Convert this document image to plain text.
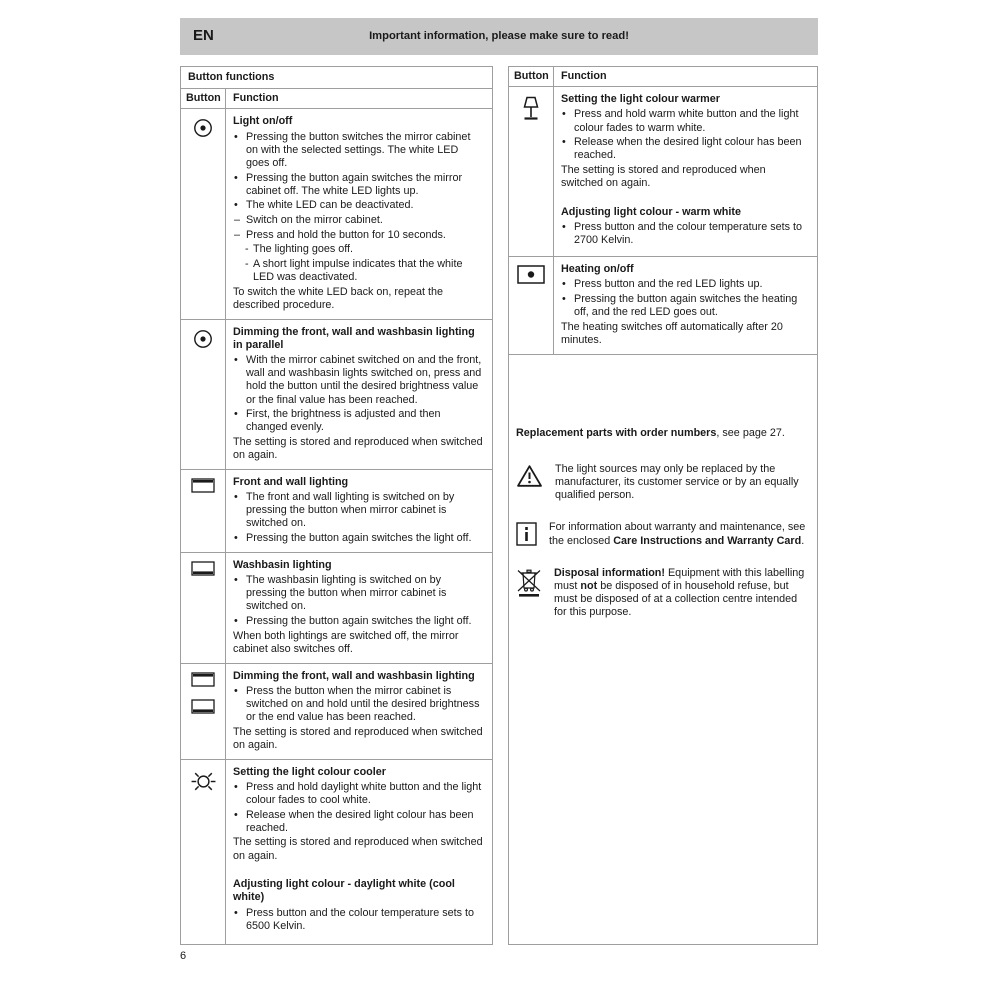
EN	Important information, please make sure to read!
Button functions
Button	Function
Light on/off
• Pressing the button switches the mirror cabinet on with the selected settings. The white LED goes off.
• Pressing the button again switches the mirror cabinet off. The white LED lights up.
• The white LED can be deactivated.
– Switch on the mirror cabinet.
– Press and hold the button for 10 seconds.
- The lighting goes off.
- A short light impulse indicates that the white LED was deactivated.
To switch the white LED back on, repeat the described procedure.
Dimming the front, wall and washbasin lighting in parallel
• With the mirror cabinet switched on and the front, wall and washbasin lights switched on, press and hold the button until the desired brightness value or the final value has been reached.
• First, the brightness is adjusted and then changed evenly.
The setting is stored and reproduced when switched on again.
Front and wall lighting
• The front and wall lighting is switched on by pressing the button when mirror cabinet is switched on.
• Pressing the button again switches the light off.
Washbasin lighting
• The washbasin lighting is switched on by pressing the button when mirror cabinet is switched on.
• Pressing the button again switches the light off.
When both lightings are switched off, the mirror cabinet also switches off.
Dimming the front, wall and washbasin lighting
• Press the button when the mirror cabinet is switched on and hold until the desired brightness or the end value has been reached.
The setting is stored and reproduced when switched on again.
Setting the light colour cooler
• Press and hold daylight white button and the light colour fades to cool white.
• Release when the desired light colour has been reached.
The setting is stored and reproduced when switched on again.
Adjusting light colour - daylight white (cool white)
• Press button and the colour temperature sets to 6500 Kelvin.
Button	Function
Setting the light colour warmer
• Press and hold warm white button and the light colour fades to warm white.
• Release when the desired light colour has been reached.
The setting is stored and reproduced when switched on again.
Adjusting light colour - warm white
• Press button and the colour temperature sets to 2700 Kelvin.
Heating on/off
• Press button and the red LED lights up.
• Pressing the button again switches the heating off, and the red LED goes out.
The heating switches off automatically after 20 minutes.
Replacement parts with order numbers, see page 27.
The light sources may only be replaced by the manufacturer, its customer service or by an equally qualified person.
For information about warranty and maintenance, see the enclosed Care Instructions and Warranty Card.
Disposal information! Equipment with this labelling must not be disposed of in household refuse, but must be disposed of at a collection centre intended for this purpose.
6
